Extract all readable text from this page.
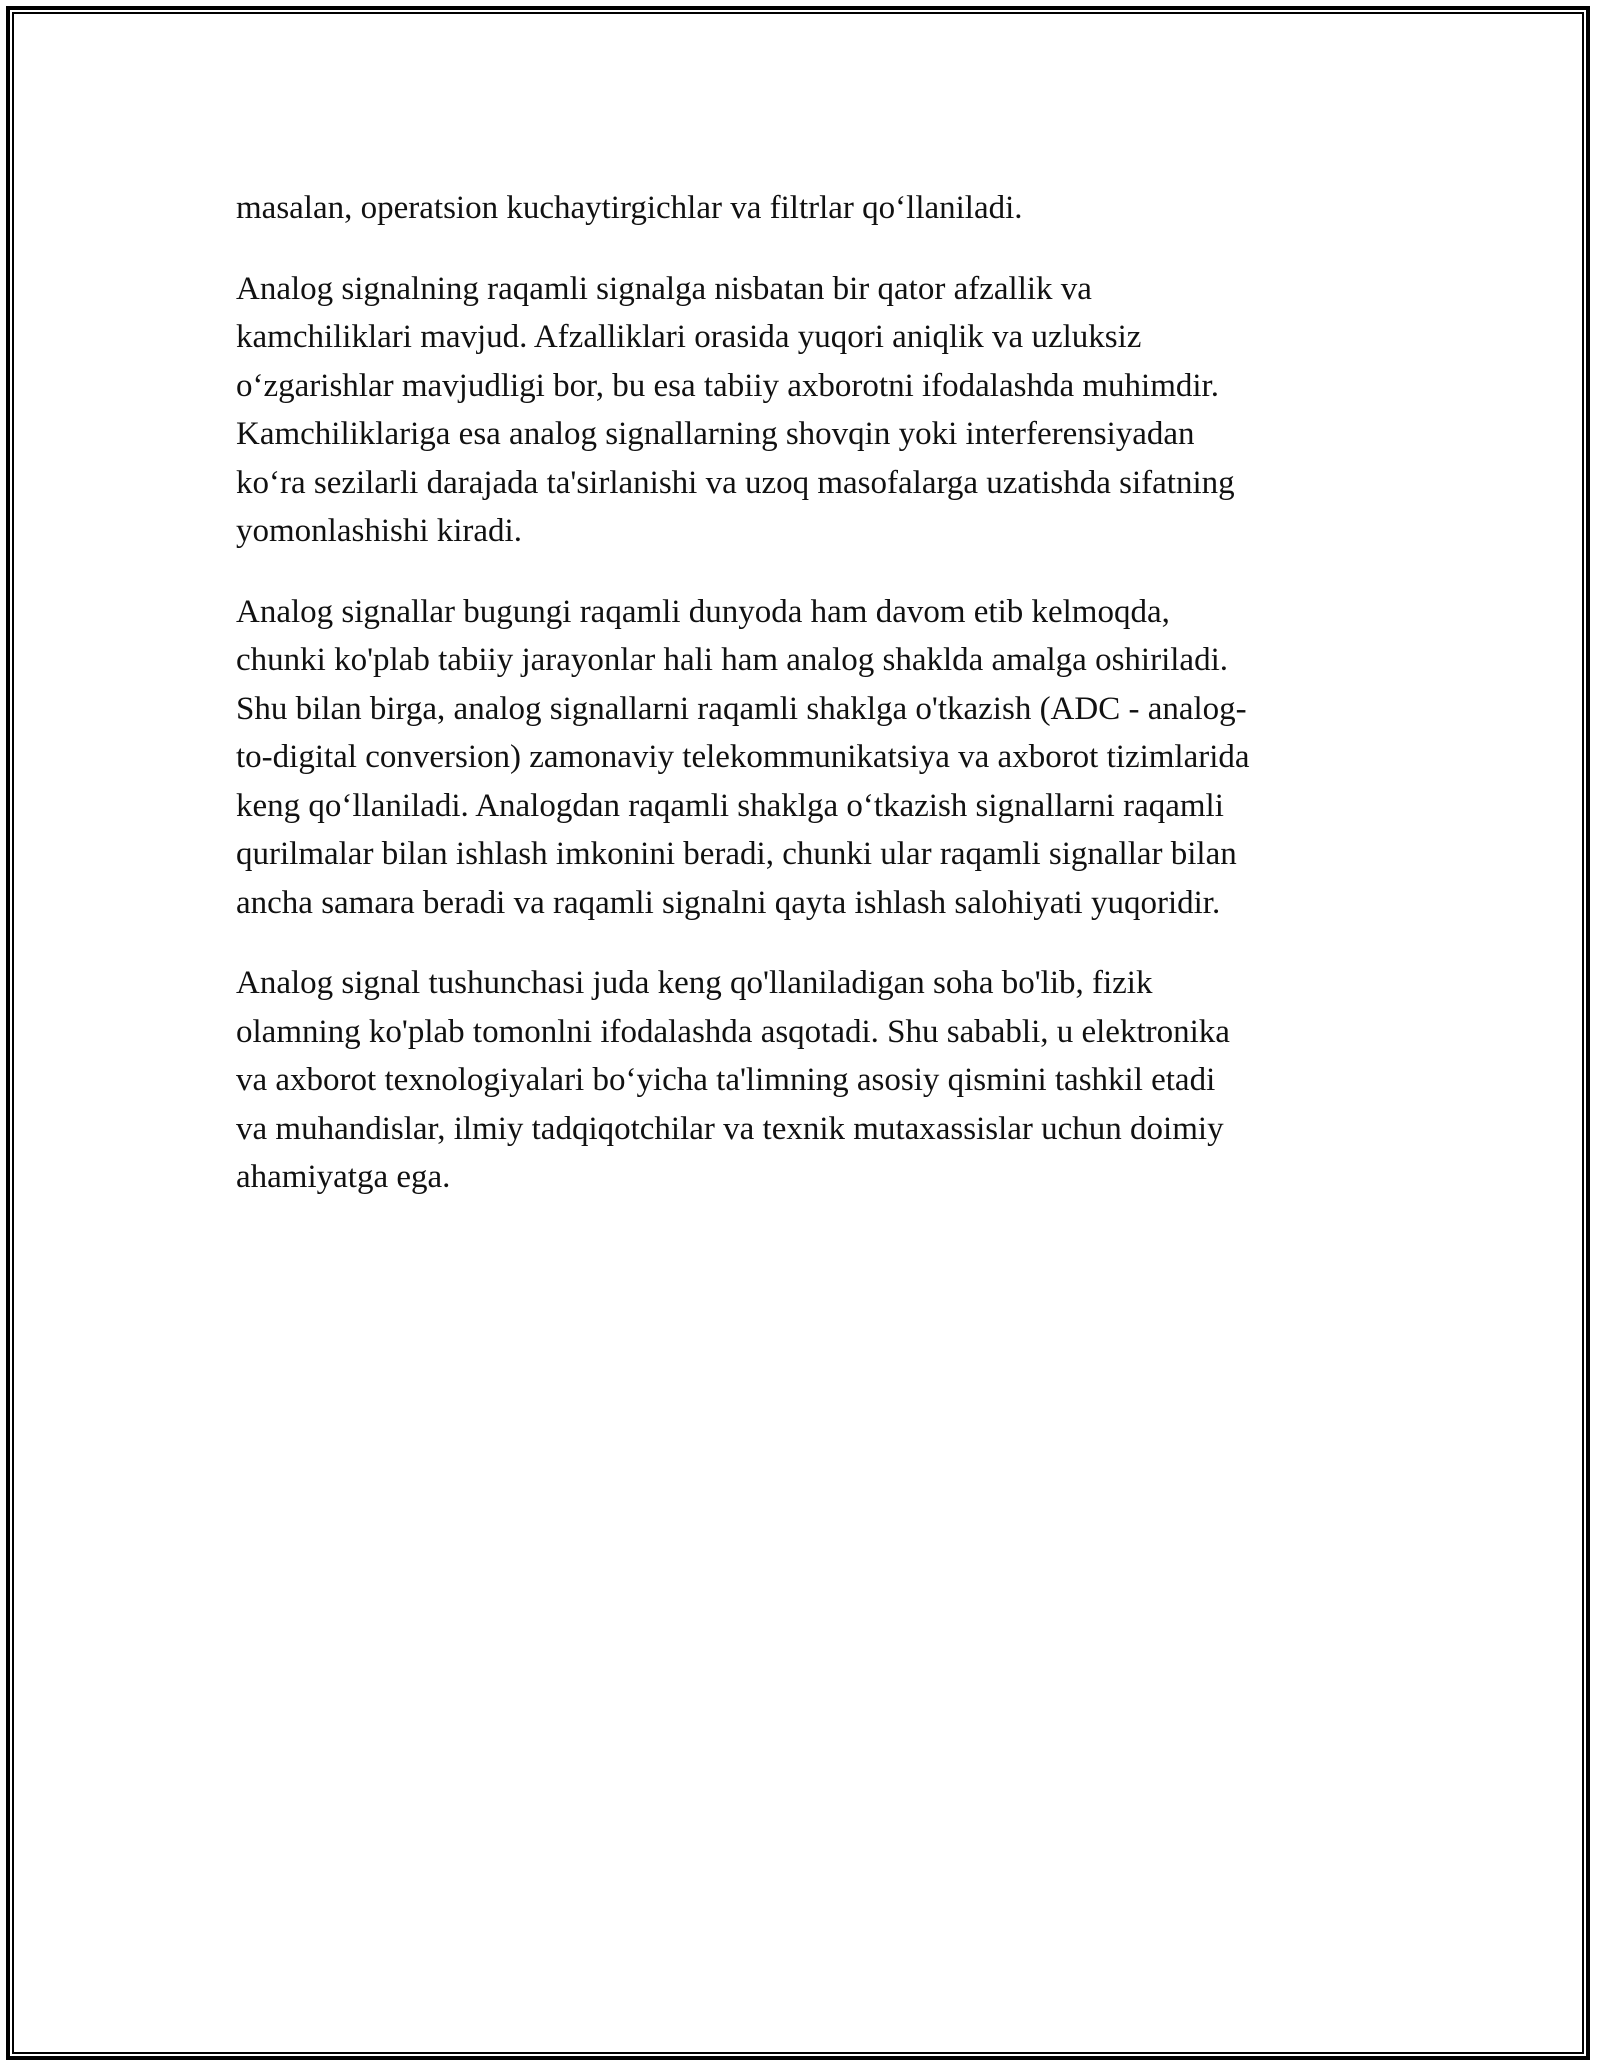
masalan, operatsion kuchaytirgichlar va filtrlar qo‘llaniladi.

Analog signalning raqamli signalga nisbatan bir qator afzallik va
kamchiliklari mavjud. Afzalliklari orasida yuqori aniqlik va uzluksiz
o‘zgarishlar mavjudligi bor, bu esa tabiiy axborotni ifodalashda muhimdir.
Kamchiliklariga esa analog signallarning shovqin yoki interferensiyadan
ko‘ra sezilarli darajada ta'sirlanishi va uzoq masofalarga uzatishda sifatning
yomonlashishi kiradi.

Analog signallar bugungi raqamli dunyoda ham davom etib kelmoqda,
chunki ko'plab tabiiy jarayonlar hali ham analog shaklda amalga oshiriladi.
Shu bilan birga, analog signallarni raqamli shaklga o'tkazish (ADC - analog-
to-digital conversion) zamonaviy telekommunikatsiya va axborot tizimlarida
keng qo‘llaniladi. Analogdan raqamli shaklga o‘tkazish signallarni raqamli
qurilmalar bilan ishlash imkonini beradi, chunki ular raqamli signallar bilan
ancha samara beradi va raqamli signalni qayta ishlash salohiyati yuqoridir.

Analog signal tushunchasi juda keng qo'llaniladigan soha bo'lib, fizik
olamning ko'plab tomonlni ifodalashda asqotadi. Shu sababli, u elektronika
va axborot texnologiyalari bo‘yicha ta'limning asosiy qismini tashkil etadi
va muhandislar, ilmiy tadqiqotchilar va texnik mutaxassislar uchun doimiy
ahamiyatga ega.
